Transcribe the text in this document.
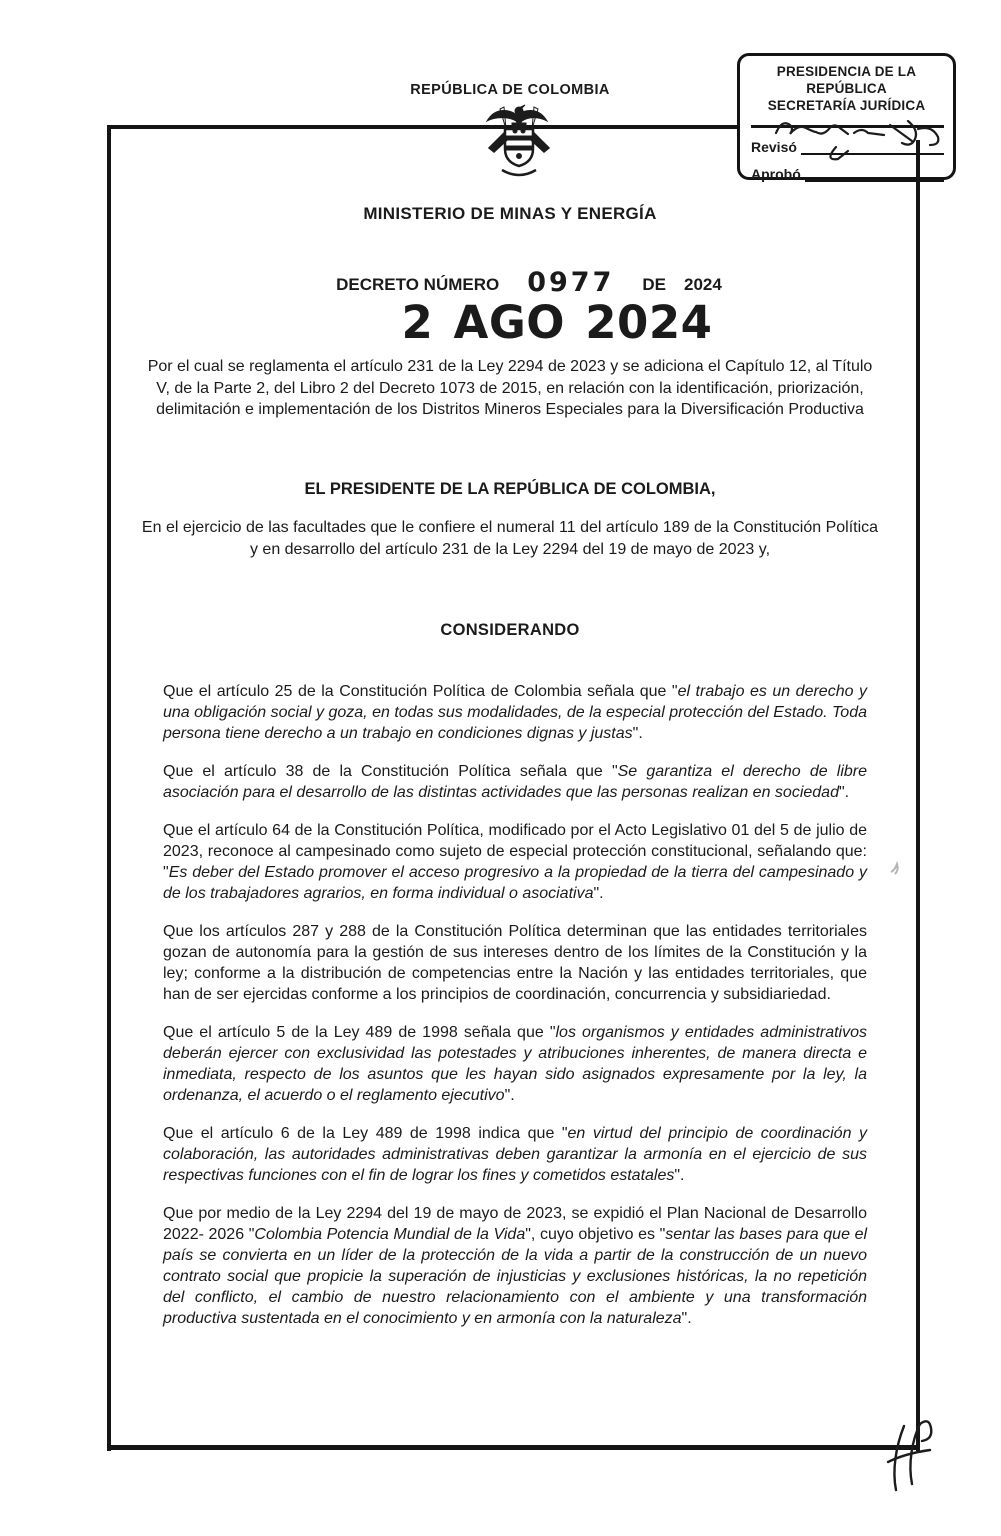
REPÚBLICA DE COLOMBIA
PRESIDENCIA DE LA REPÚBLICA
SECRETARÍA JURÍDICA
Revisó
Aprobó
MINISTERIO DE MINAS Y ENERGÍA
DECRETO NÚMERO 0977 DE 2024
2 AGO 2024
Por el cual se reglamenta el artículo 231 de la Ley 2294 de 2023 y se adiciona el Capítulo 12, al Título V, de la Parte 2, del Libro 2 del Decreto 1073 de 2015, en relación con la identificación, priorización, delimitación e implementación de los Distritos Mineros Especiales para la Diversificación Productiva
EL PRESIDENTE DE LA REPÚBLICA DE COLOMBIA,
En el ejercicio de las facultades que le confiere el numeral 11 del artículo 189 de la Constitución Política y en desarrollo del artículo 231 de la Ley 2294 del 19 de mayo de 2023 y,
CONSIDERANDO

Que el artículo 25 de la Constitución Política de Colombia señala que "el trabajo es un derecho y una obligación social y goza, en todas sus modalidades, de la especial protección del Estado. Toda persona tiene derecho a un trabajo en condiciones dignas y justas".

Que el artículo 38 de la Constitución Política señala que "Se garantiza el derecho de libre asociación para el desarrollo de las distintas actividades que las personas realizan en sociedad".

Que el artículo 64 de la Constitución Política, modificado por el Acto Legislativo 01 del 5 de julio de 2023, reconoce al campesinado como sujeto de especial protección constitucional, señalando que: "Es deber del Estado promover el acceso progresivo a la propiedad de la tierra del campesinado y de los trabajadores agrarios, en forma individual o asociativa".

Que los artículos 287 y 288 de la Constitución Política determinan que las entidades territoriales gozan de autonomía para la gestión de sus intereses dentro de los límites de la Constitución y la ley; conforme a la distribución de competencias entre la Nación y las entidades territoriales, que han de ser ejercidas conforme a los principios de coordinación, concurrencia y subsidiariedad.

Que el artículo 5 de la Ley 489 de 1998 señala que "los organismos y entidades administrativos deberán ejercer con exclusividad las potestades y atribuciones inherentes, de manera directa e inmediata, respecto de los asuntos que les hayan sido asignados expresamente por la ley, la ordenanza, el acuerdo o el reglamento ejecutivo".

Que el artículo 6 de la Ley 489 de 1998 indica que "en virtud del principio de coordinación y colaboración, las autoridades administrativas deben garantizar la armonía en el ejercicio de sus respectivas funciones con el fin de lograr los fines y cometidos estatales".

Que por medio de la Ley 2294 del 19 de mayo de 2023, se expidió el Plan Nacional de Desarrollo 2022- 2026 "Colombia Potencia Mundial de la Vida", cuyo objetivo es "sentar las bases para que el país se convierta en un líder de la protección de la vida a partir de la construcción de un nuevo contrato social que propicie la superación de injusticias y exclusiones históricas, la no repetición del conflicto, el cambio de nuestro relacionamiento con el ambiente y una transformación productiva sustentada en el conocimiento y en armonía con la naturaleza".
